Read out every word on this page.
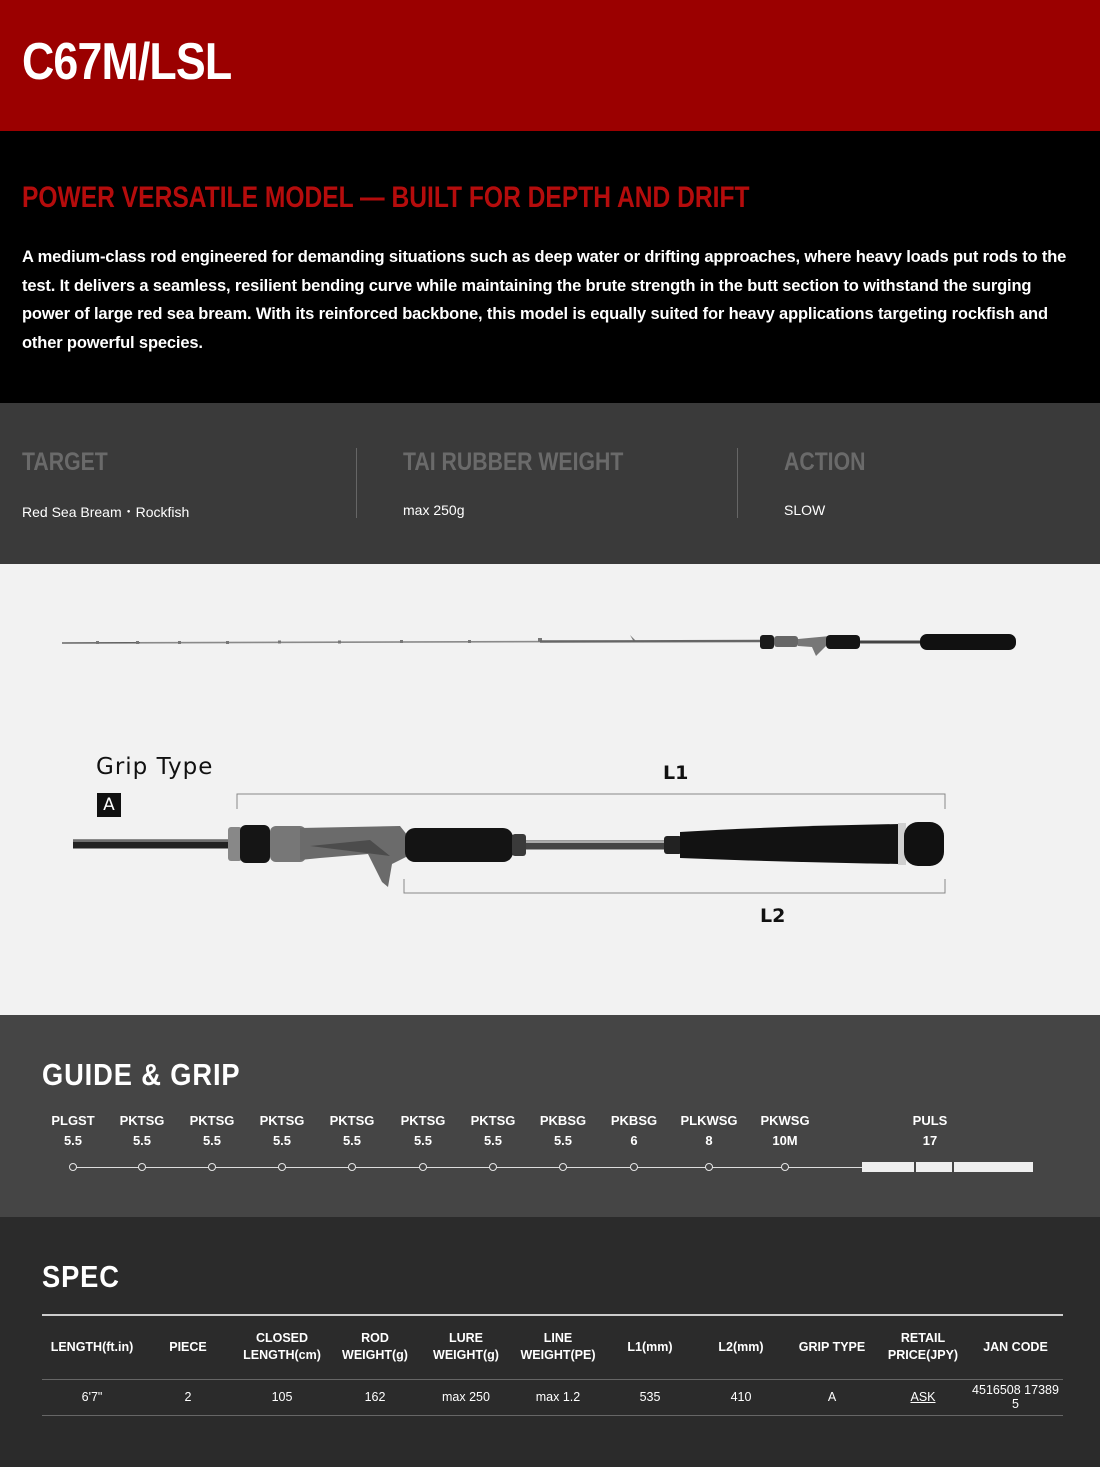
C67M/LSL
POWER VERSATILE MODEL — BUILT FOR DEPTH AND DRIFT

A medium-class rod engineered for demanding situations such as deep water or drifting approaches, where heavy loads put rods to the test. It delivers a seamless, resilient bending curve while maintaining the brute strength in the butt section to withstand the surging power of large red sea bream. With its reinforced backbone, this model is equally suited for heavy applications targeting rockfish and other powerful species.

TARGET
Red Sea Bream・Rockfish
TAI RUBBER WEIGHT
max 250g
ACTION
SLOW
Grip Type
A
L1
L2
GUIDE & GRIP
PLGST
5.5
PKTSG
5.5
PKTSG
5.5
PKTSG
5.5
PKTSG
5.5
PKTSG
5.5
PKTSG
5.5
PKBSG
5.5
PKBSG
6
PLKWSG
8
PKWSG
10M
PULS
17
SPEC
LENGTH(ft.in)	PIECE	CLOSED LENGTH(cm)	ROD WEIGHT(g)	LURE WEIGHT(g)	LINE WEIGHT(PE)	L1(mm)	L2(mm)	GRIP TYPE	RETAIL PRICE(JPY)	JAN CODE
6'7"	2	105	162	max 250	max 1.2	535	410	A	ASK	4516508 17389 5
